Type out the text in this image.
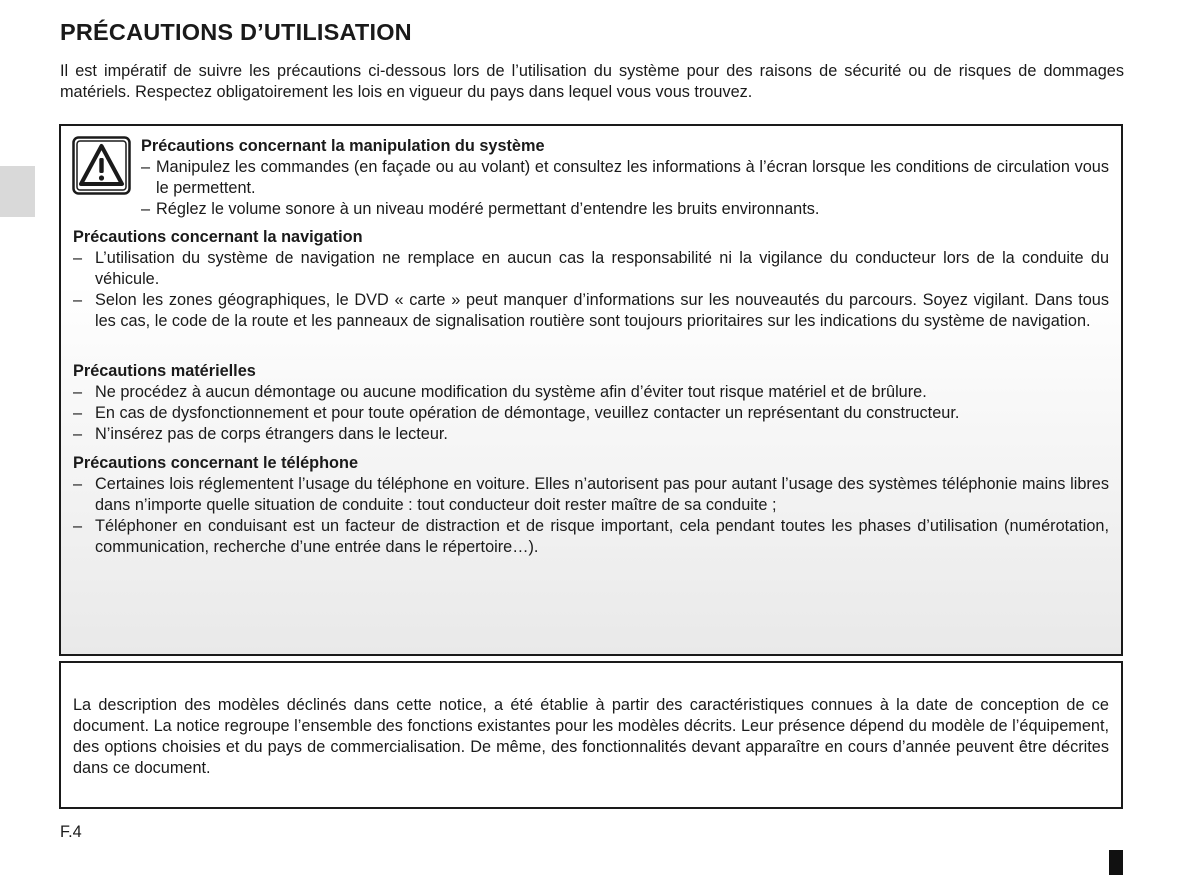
PRÉCAUTIONS D’UTILISATION

Il est impératif de suivre les précautions ci-dessous lors de l’utilisation du système pour des raisons de sécurité ou de risques de dommages matériels. Respectez obligatoirement les lois en vigueur du pays dans lequel vous vous trouvez.

Précautions concernant la manipulation du système
– Manipulez les commandes (en façade ou au volant) et consultez les informations à l’écran lorsque les conditions de circulation vous le permettent.
– Réglez le volume sonore à un niveau modéré permettant d’entendre les bruits environnants.
Précautions concernant la navigation
– L’utilisation du système de navigation ne remplace en aucun cas la responsabilité ni la vigilance du conducteur lors de la conduite du véhicule.
– Selon les zones géographiques, le DVD « carte » peut manquer d’informations sur les nouveautés du parcours. Soyez vigilant. Dans tous les cas, le code de la route et les panneaux de signalisation routière sont toujours prioritaires sur les indications du système de navigation.
Précautions matérielles
– Ne procédez à aucun démontage ou aucune modification du système afin d’éviter tout risque matériel et de brûlure.
– En cas de dysfonctionnement et pour toute opération de démontage, veuillez contacter un représentant du constructeur.
– N’insérez pas de corps étrangers dans le lecteur.
Précautions concernant le téléphone
– Certaines lois réglementent l’usage du téléphone en voiture. Elles n’autorisent pas pour autant l’usage des systèmes téléphonie mains libres dans n’importe quelle situation de conduite : tout conducteur doit rester maître de sa conduite ;
– Téléphoner en conduisant est un facteur de distraction et de risque important, cela pendant toutes les phases d’utilisation (numérotation, communication, recherche d’une entrée dans le répertoire…).

La description des modèles déclinés dans cette notice, a été établie à partir des caractéristiques connues à la date de conception de ce document. La notice regroupe l’ensemble des fonctions existantes pour les modèles décrits. Leur présence dépend du modèle de l’équipement, des options choisies et du pays de commercialisation. De même, des fonctionnalités devant apparaître en cours d’année peuvent être décrites dans ce document.

F.4
